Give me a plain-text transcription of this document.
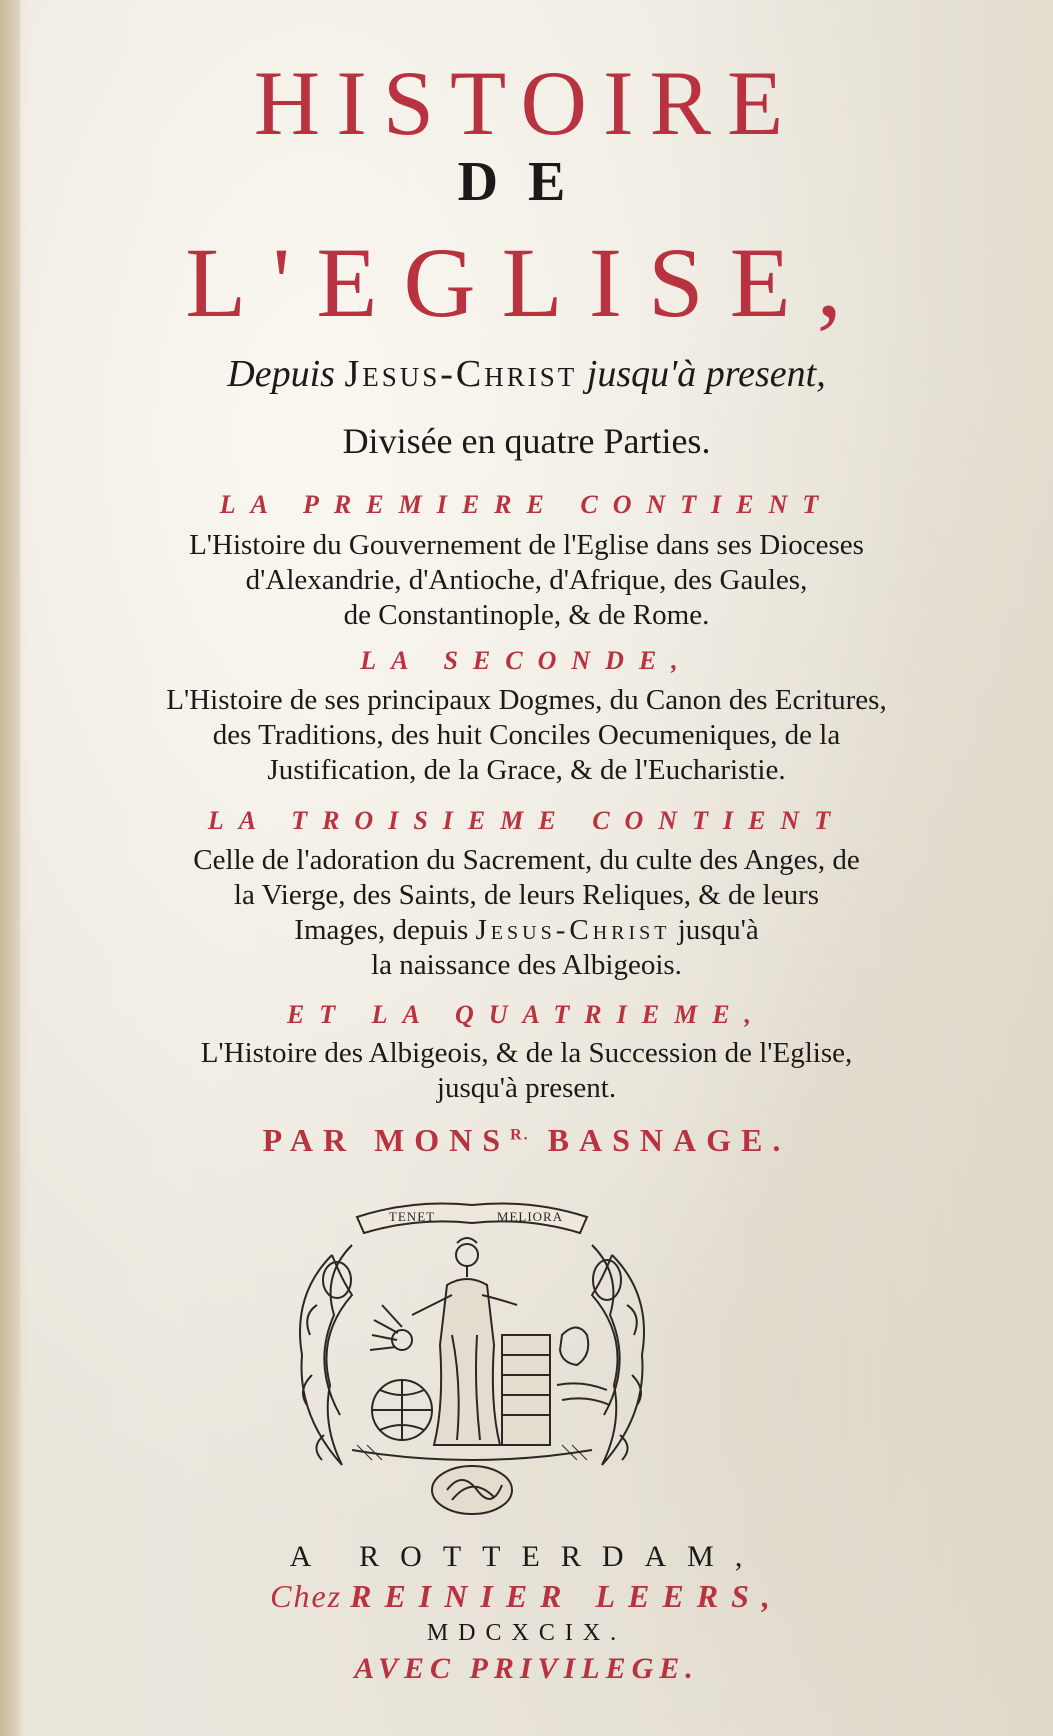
HISTOIRE
DE
L'EGLISE,
Depuis Jesus-Christ jusqu'à present,
Divisée en quatre Parties.
LA PREMIERE CONTIENT
L'Histoire du Gouvernement de l'Eglise dans ses Dioceses
d'Alexandrie, d'Antioche, d'Afrique, des Gaules,
de Constantinople, & de Rome.
LA SECONDE,
L'Histoire de ses principaux Dogmes, du Canon des Ecritures,
des Traditions, des huit Conciles Oecumeniques, de la
Justification, de la Grace, & de l'Eucharistie.
LA TROISIEME CONTIENT
Celle de l'adoration du Sacrement, du culte des Anges, de
la Vierge, des Saints, de leurs Reliques, & de leurs
Images, depuis Jesus-Christ jusqu'à
la naissance des Albigeois.
ET LA QUATRIEME,
L'Histoire des Albigeois, & de la Succession de l'Eglise,
jusqu'à present.
PAR $MONS^{R.}$ BASNAGE.
TENET	MELIORA
A ROTTERDAM,
Chez REINIER LEERS,
MDCXCIX.
AVEC PRIVILEGE.
